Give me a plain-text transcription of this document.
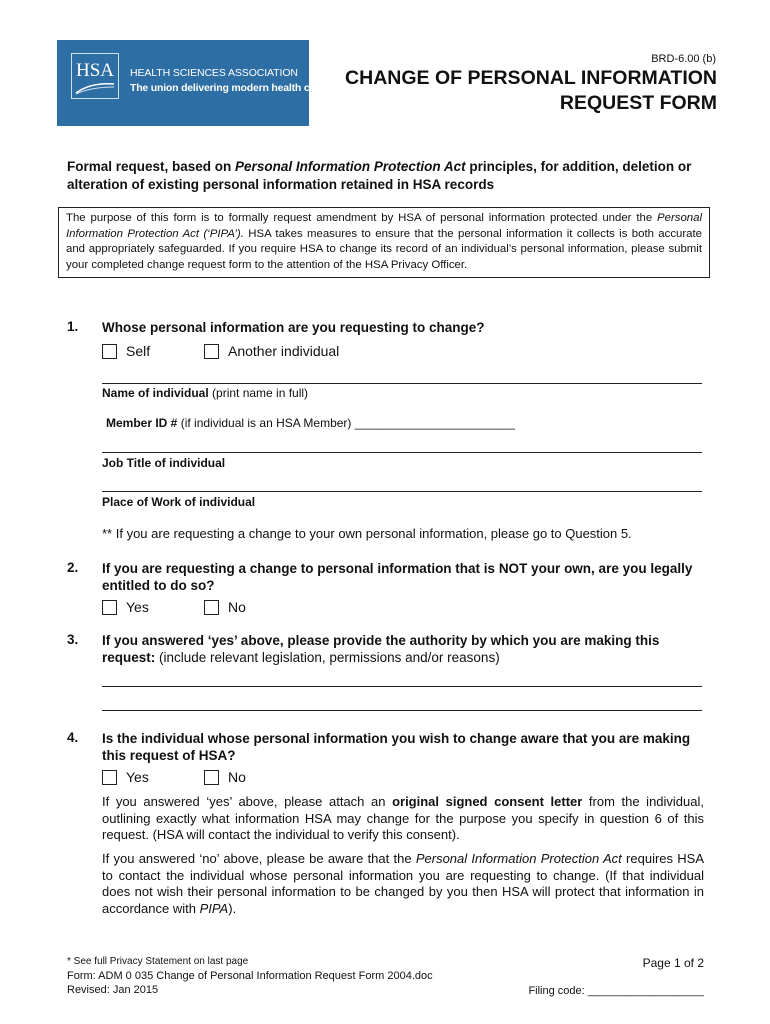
HSA	HEALTH SCIENCES ASSOCIATION
The union delivering modern health care
BRD-6.00 (b)
CHANGE OF PERSONAL INFORMATION
REQUEST FORM
Formal request, based on Personal Information Protection Act principles, for addition, deletion or alteration of existing personal information retained in HSA records
The purpose of this form is to formally request amendment by HSA of personal information protected under the Personal Information Protection Act (‘PIPA’). HSA takes measures to ensure that the personal information it collects is both accurate and appropriately safeguarded. If you require HSA to change its record of an individual’s personal information, please submit your completed change request form to the attention of the HSA Privacy Officer.
1. Whose personal information are you requesting to change?
Self	Another individual
Name of individual (print name in full)
Member ID # (if individual is an HSA Member) ________________________
Job Title of individual
Place of Work of individual
** If you are requesting a change to your own personal information, please go to Question 5.
2. If you are requesting a change to personal information that is NOT your own, are you legally entitled to do so?
Yes	No
3. If you answered ‘yes’ above, please provide the authority by which you are making this request: (include relevant legislation, permissions and/or reasons)
4. Is the individual whose personal information you wish to change aware that you are making this request of HSA?
Yes	No
If you answered ‘yes’ above, please attach an original signed consent letter from the individual, outlining exactly what information HSA may change for the purpose you specify in question 6 of this request. (HSA will contact the individual to verify this consent).
If you answered ‘no’ above, please be aware that the Personal Information Protection Act requires HSA to contact the individual whose personal information you are requesting to change. (If that individual does not wish their personal information to be changed by you then HSA will protect that information in accordance with PIPA).
* See full Privacy Statement on last page
Form: ADM 0 035 Change of Personal Information Request Form 2004.doc
Revised: Jan 2015
Page 1 of 2
Filing code: ___________________
